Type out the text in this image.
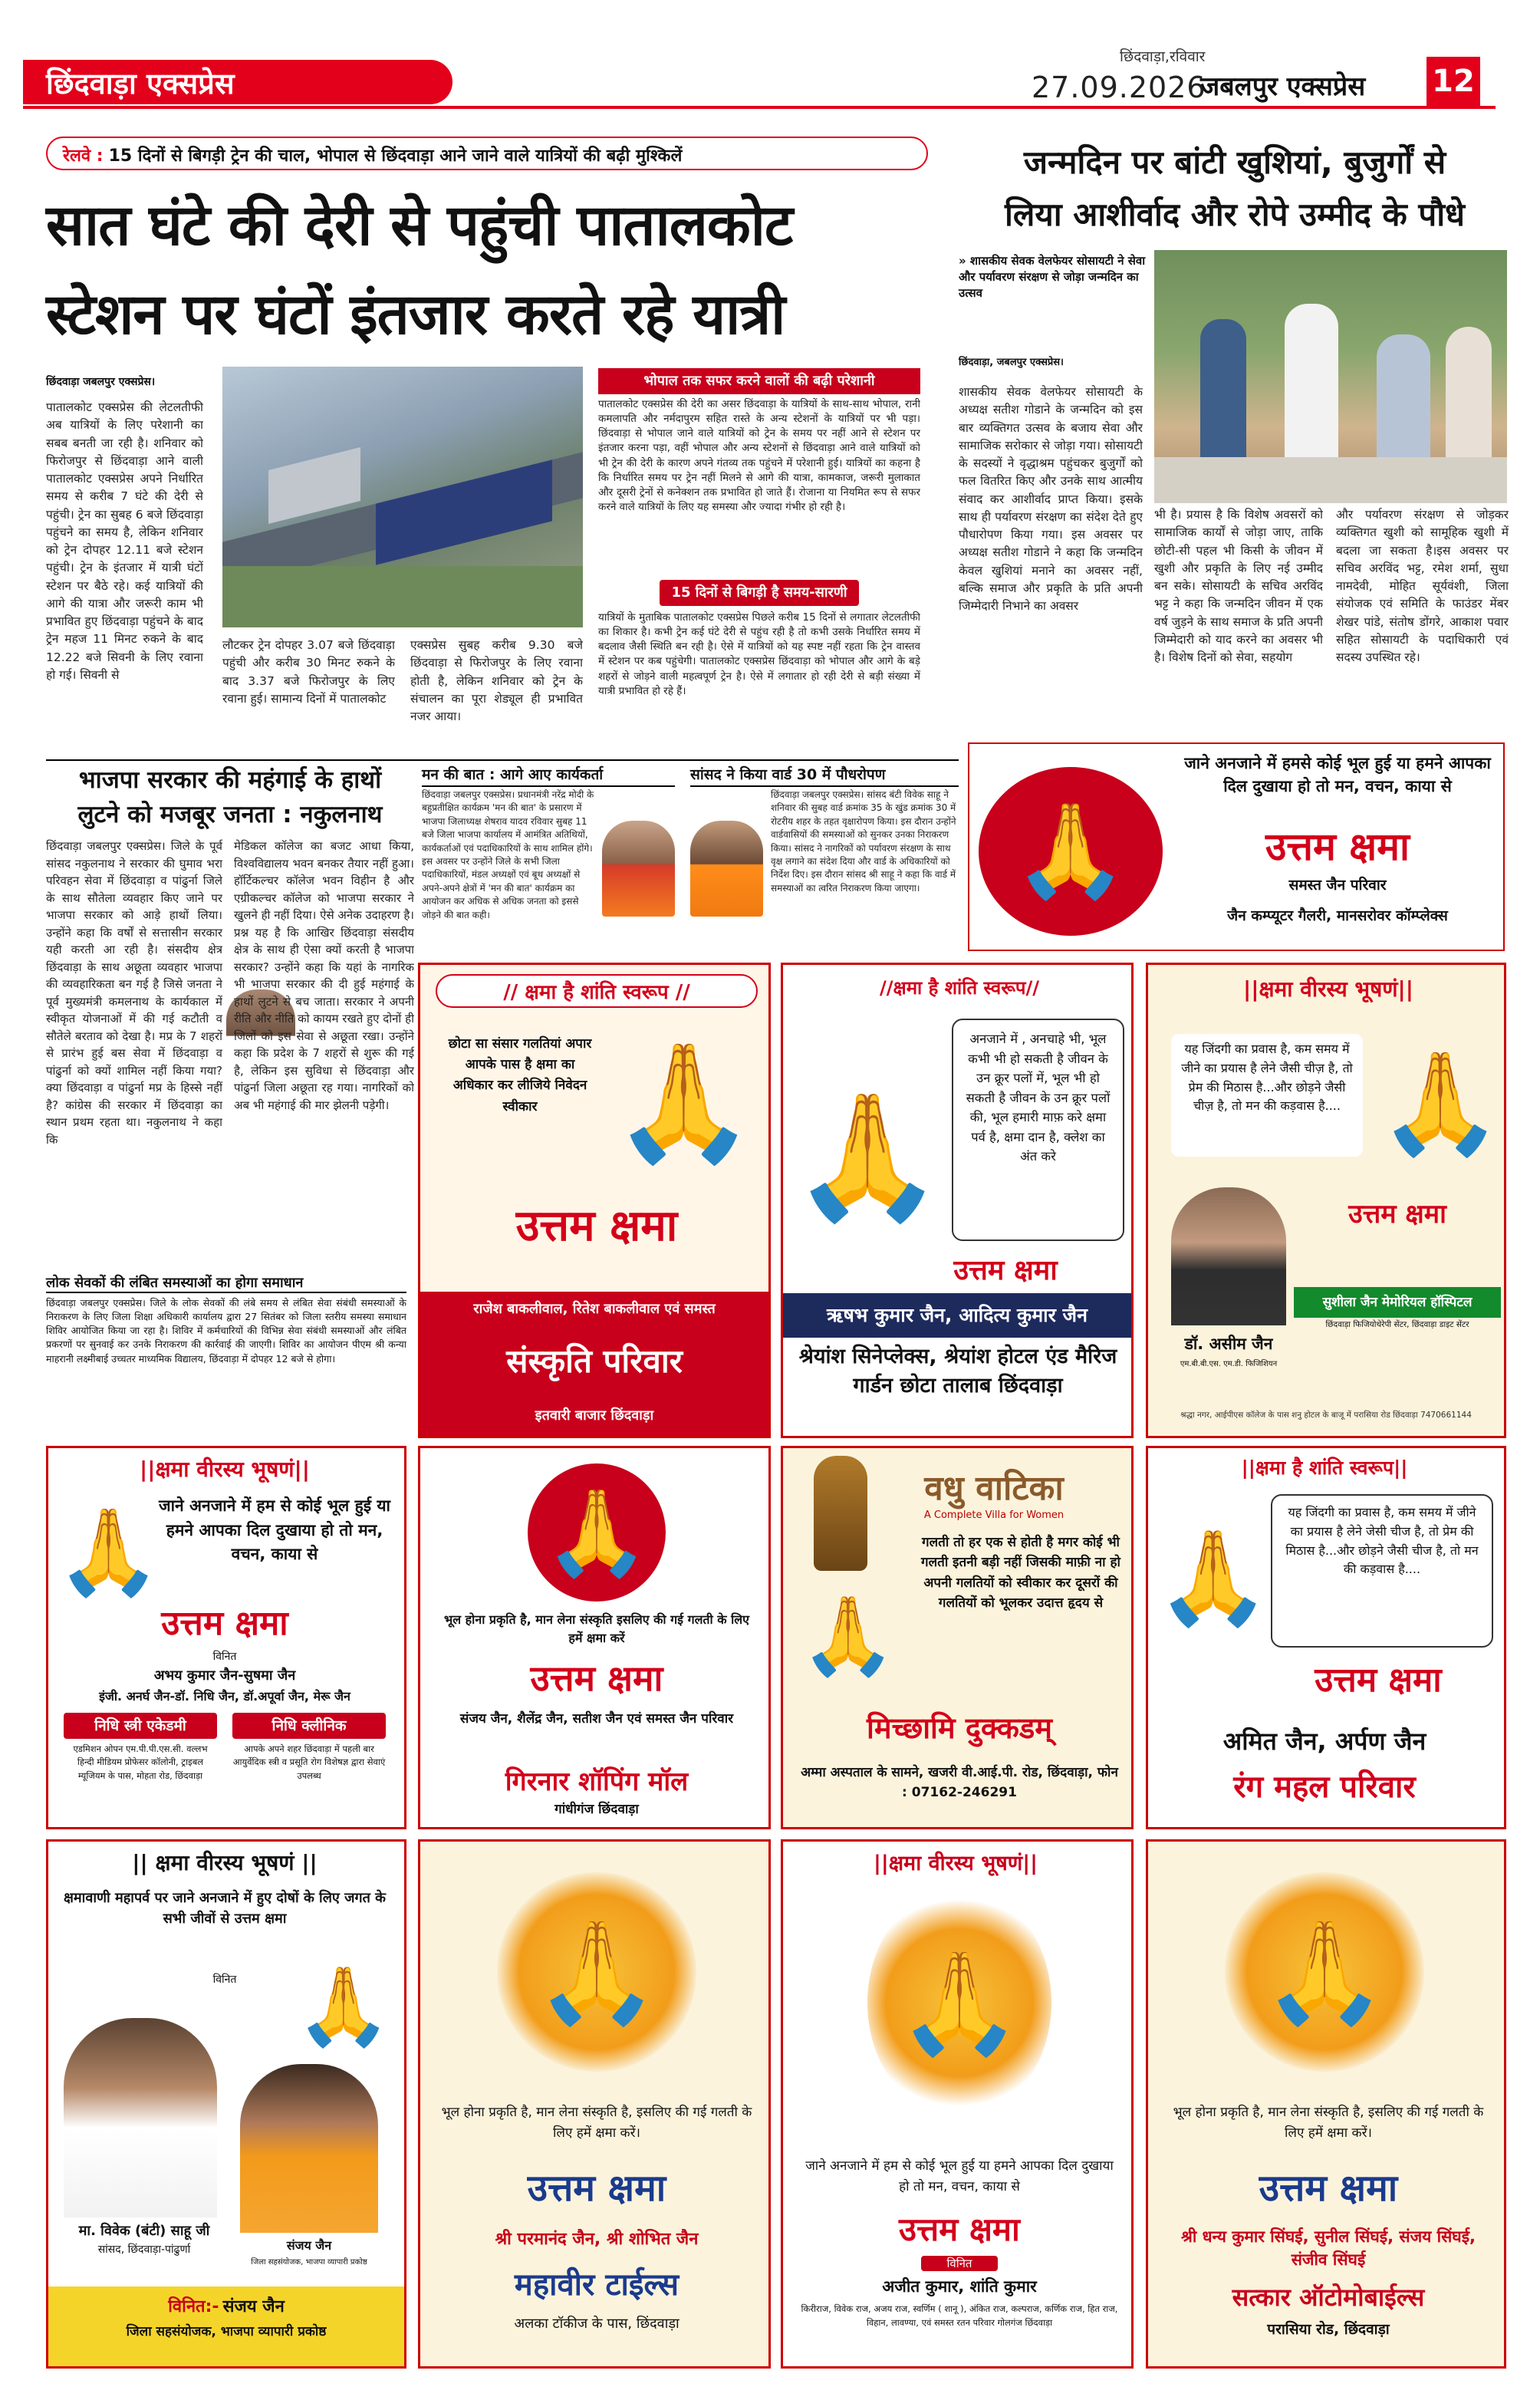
छिंदवाड़ा एक्सप्रेस
छिंदवाड़ा,रविवार
27.09.2026
जबलपुर एक्सप्रेस 12
रेलवे : 15 दिनों से बिगड़ी ट्रेन की चाल, भोपाल से छिंदवाड़ा आने जाने वाले यात्रियों की बढ़ी मुश्किलें
सात घंटे की देरी से पहुंची पातालकोट
स्टेशन पर घंटों इंतजार करते रहे यात्री
छिंदवाड़ा जबलपुर एक्सप्रेस।
पातालकोट एक्सप्रेस की लेटलतीफी अब यात्रियों के लिए परेशानी का सबब बनती जा रही है। शनिवार को फिरोजपुर से छिंदवाड़ा आने वाली पातालकोट एक्सप्रेस अपने निर्धारित समय से करीब 7 घंटे की देरी से पहुंची। ट्रेन का सुबह 6 बजे छिंदवाड़ा पहुंचने का समय है, लेकिन शनिवार को ट्रेन दोपहर 12.11 बजे स्टेशन पहुंची। ट्रेन के इंतजार में यात्री घंटों स्टेशन पर बैठे रहे। कई यात्रियों की आगे की यात्रा और जरूरी काम भी प्रभावित हुए छिंदवाड़ा पहुंचने के बाद ट्रेन महज 11 मिनट रुकने के बाद 12.22 बजे सिवनी के लिए रवाना हो गई। सिवनी से
लौटकर ट्रेन दोपहर 3.07 बजे छिंदवाड़ा पहुंची और करीब 30 मिनट रुकने के बाद 3.37 बजे फिरोजपुर के लिए रवाना हुई। सामान्य दिनों में पातालकोट
एक्सप्रेस सुबह करीब 9.30 बजे छिंदवाड़ा से फिरोजपुर के लिए रवाना होती है, लेकिन शनिवार को ट्रेन के संचालन का पूरा शेड्यूल ही प्रभावित नजर आया।
भोपाल तक सफर करने वालों की बढ़ी परेशानी
पातालकोट एक्सप्रेस की देरी का असर छिंदवाड़ा के यात्रियों के साथ-साथ भोपाल, रानी कमलापति और नर्मदापुरम सहित रास्ते के अन्य स्टेशनों के यात्रियों पर भी पड़ा। छिंदवाड़ा से भोपाल जाने वाले यात्रियों को ट्रेन के समय पर नहीं आने से स्टेशन पर इंतजार करना पड़ा, वहीं भोपाल और अन्य स्टेशनों से छिंदवाड़ा आने वाले यात्रियों को भी ट्रेन की देरी के कारण अपने गंतव्य तक पहुंचने में परेशानी हुई। यात्रियों का कहना है कि निर्धारित समय पर ट्रेन नहीं मिलने से आगे की यात्रा, कामकाज, जरूरी मुलाकात और दूसरी ट्रेनों से कनेक्शन तक प्रभावित हो जाते हैं। रोजाना या नियमित रूप से सफर करने वाले यात्रियों के लिए यह समस्या और ज्यादा गंभीर हो रही है।
15 दिनों से बिगड़ी है समय-सारणी
यात्रियों के मुताबिक पातालकोट एक्सप्रेस पिछले करीब 15 दिनों से लगातार लेटलतीफी का शिकार है। कभी ट्रेन कई घंटे देरी से पहुंच रही है तो कभी उसके निर्धारित समय में बदलाव जैसी स्थिति बन रही है। ऐसे में यात्रियों को यह स्पष्ट नहीं रहता कि ट्रेन वास्तव में स्टेशन पर कब पहुंचेगी। पातालकोट एक्सप्रेस छिंदवाड़ा को भोपाल और आगे के बड़े शहरों से जोड़ने वाली महत्वपूर्ण ट्रेन है। ऐसे में लगातार हो रही देरी से बड़ी संख्या में यात्री प्रभावित हो रहे हैं।
जन्मदिन पर बांटी खुशियां, बुजुर्गों से
लिया आशीर्वाद और रोपे उम्मीद के पौधे
» शासकीय सेवक वेलफेयर सोसायटी ने सेवा और पर्यावरण संरक्षण से जोड़ा जन्मदिन का उत्सव
छिंदवाड़ा, जबलपुर एक्सप्रेस।
शासकीय सेवक वेलफेयर सोसायटी के अध्यक्ष सतीश गोडाने के जन्मदिन को इस बार व्यक्तिगत उत्सव के बजाय सेवा और सामाजिक सरोकार से जोड़ा गया। सोसायटी के सदस्यों ने वृद्धाश्रम पहुंचकर बुजुर्गों को फल वितरित किए और उनके साथ आत्मीय संवाद कर आशीर्वाद प्राप्त किया। इसके साथ ही पर्यावरण संरक्षण का संदेश देते हुए पौधारोपण किया गया। इस अवसर पर अध्यक्ष सतीश गोडाने ने कहा कि जन्मदिन केवल खुशियां मनाने का अवसर नहीं, बल्कि समाज और प्रकृति के प्रति अपनी जिम्मेदारी निभाने का अवसर
भी है। प्रयास है कि विशेष अवसरों को सामाजिक कार्यों से जोड़ा जाए, ताकि छोटी-सी पहल भी किसी के जीवन में खुशी और प्रकृति के लिए नई उम्मीद बन सके। सोसायटी के सचिव अरविंद भट्ट ने कहा कि जन्मदिन जीवन में एक वर्ष जुड़ने के साथ समाज के प्रति अपनी जिम्मेदारी को याद करने का अवसर भी है। विशेष दिनों को सेवा, सहयोग
और पर्यावरण संरक्षण से जोड़कर व्यक्तिगत खुशी को सामूहिक खुशी में बदला जा सकता है।इस अवसर पर सचिव अरविंद भट्ट, रमेश शर्मा, सुधा नामदेवी, मोहित सूर्यवंशी, जिला संयोजक एवं समिति के फाउंडर मेंबर शेखर पांडे, संतोष डोंगरे, आकाश पवार सहित सोसायटी के पदाधिकारी एवं सदस्य उपस्थित रहे।
भाजपा सरकार की महंगाई के हाथों
लुटने को मजबूर जनता : नकुलनाथ
छिंदवाड़ा जबलपुर एक्सप्रेस। जिले के पूर्व सांसद नकुलनाथ ने सरकार की घुमाव भरा परिवहन सेवा में छिंदवाड़ा व पांढुर्ना जिले के साथ सौतेला व्यवहार किए जाने पर भाजपा सरकार को आड़े हाथों लिया। उन्होंने कहा कि वर्षों से सत्तासीन सरकार यही करती आ रही है। संसदीय क्षेत्र छिंदवाड़ा के साथ अछूता व्यवहार भाजपा की व्यवहारिकता बन गई है जिसे जनता ने पूर्व मुख्यमंत्री कमलनाथ के कार्यकाल में स्वीकृत योजनाओं में की गई कटौती व सौतेले बरताव को देखा है। मप्र के 7 शहरों से प्रारंभ हुई बस सेवा में छिंदवाड़ा व पांढुर्ना को क्यों शामिल नहीं किया गया? क्या छिंदवाड़ा व पांढुर्ना मप्र के हिस्से नहीं है? कांग्रेस की सरकार में छिंदवाड़ा का स्थान प्रथम रहता था। नकुलनाथ ने कहा कि
मेडिकल कॉलेज का बजट आधा किया, विश्वविद्यालय भवन बनकर तैयार नहीं हुआ। हॉर्टिकल्चर कॉलेज भवन विहीन है और एग्रीकल्चर कॉलेज को भाजपा सरकार ने खुलने ही नहीं दिया। ऐसे अनेक उदाहरण है। प्रश्न यह है कि आखिर छिंदवाड़ा संसदीय क्षेत्र के साथ ही ऐसा क्यों करती है भाजपा सरकार? उन्होंने कहा कि यहां के नागरिक भी भाजपा सरकार की दी हुई महंगाई के हाथों लुटने से बच जाता। सरकार ने अपनी रीति और नीति को कायम रखते हुए दोनों ही जिलों को इस सेवा से अछूता रखा। उन्होंने कहा कि प्रदेश के 7 शहरों से शुरू की गई है, लेकिन इस सुविधा से छिंदवाड़ा और पांढुर्ना जिला अछूता रह गया। नागरिकों को अब भी महंगाई की मार झेलनी पड़ेगी।
मन की बात : आगे आए कार्यकर्ता
छिंदवाड़ा जबलपुर एक्सप्रेस। प्रधानमंत्री नरेंद्र मोदी के बहुप्रतीक्षित कार्यक्रम 'मन की बात' के प्रसारण में भाजपा जिलाध्यक्ष शेषराव यादव रविवार सुबह 11 बजे जिला भाजपा कार्यालय में आमंत्रित अतिथियों, कार्यकर्ताओं एवं पदाधिकारियों के साथ शामिल होंगे। इस अवसर पर उन्होंने जिले के सभी जिला पदाधिकारियों, मंडल अध्यक्षों एवं बूथ अध्यक्षों से अपने-अपने क्षेत्रों में 'मन की बात' कार्यक्रम का आयोजन कर अधिक से अधिक जनता को इससे जोड़ने की बात कही।
सांसद ने किया वार्ड 30 में पौधरोपण
छिंदवाड़ा जबलपुर एक्सप्रेस। सांसद बंटी विवेक साहू ने शनिवार की सुबह वार्ड क्रमांक 35 के खुंड क्रमांक 30 में रोटरीय शहर के तहत वृक्षारोपण किया। इस दौरान उन्होंने वार्डवासियों की समस्याओं को सुनकर उनका निराकरण किया। सांसद ने नागरिकों को पर्यावरण संरक्षण के साथ वृक्ष लगाने का संदेश दिया और वार्ड के अधिकारियों को निर्देश दिए। इस दौरान सांसद श्री साहू ने कहा कि वार्ड में समस्याओं का त्वरित निराकरण किया जाएगा।	🙏
जाने अनजाने में हमसे कोई भूल हुई या हमने आपका दिल दुखाया हो तो मन, वचन, काया से
उत्तम क्षमा
समस्त जैन परिवार
जैन कम्प्यूटर गैलरी, मानसरोवर कॉम्प्लेक्स
लोक सेवकों की लंबित समस्याओं का होगा समाधान
छिंदवाड़ा जबलपुर एक्सप्रेस। जिले के लोक सेवकों की लंबे समय से लंबित सेवा संबंधी समस्याओं के निराकरण के लिए जिला शिक्षा अधिकारी कार्यालय द्वारा 27 सितंबर को जिला स्तरीय समस्या समाधान शिविर आयोजित किया जा रहा है। शिविर में कर्मचारियों की विभिन्न सेवा संबंधी समस्याओं और लंबित प्रकरणों पर सुनवाई कर उनके निराकरण की कार्रवाई की जाएगी। शिविर का आयोजन पीएम श्री कन्या माहरानी लक्ष्मीबाई उच्चतर माध्यमिक विद्यालय, छिंदवाड़ा में दोपहर 12 बजे से होगा।
// क्षमा है शांति स्वरूप //
छोटा सा संसार गलतियां अपार आपके पास है क्षमा का अधिकार कर लीजिये निवेदन स्वीकार 🙏
उत्तम क्षमा
राजेश बाकलीवाल, रितेश बाकलीवाल एवं समस्त
संस्कृति परिवार
इतवारी बाजार छिंदवाड़ा
//क्षमा है शांति स्वरूप//
🙏
अनजाने में , अनचाहे भी, भूल कभी भी हो सकती है जीवन के उन क्रूर पलों में, भूल भी हो सकती है जीवन के उन क्रूर पलों की, भूल हमारी माफ़ करे क्षमा पर्व है, क्षमा दान है, क्लेश का अंत करे
उत्तम क्षमा
ऋषभ कुमार जैन, आदित्य कुमार जैन
श्रेयांश सिनेप्लेक्स, श्रेयांश होटल एंड मैरिज गार्डन छोटा तालाब छिंदवाड़ा
||क्षमा वीरस्य भूषणं||
यह जिंदगी का प्रवास है, कम समय में जीने का प्रयास है लेने जैसी चीज़ है, तो प्रेम की मिठास है...और छोड़ने जैसी चीज़ है, तो मन की कड़वास है.... 🙏
उत्तम क्षमा
सुशीला जैन मेमोरियल हॉस्पिटल
छिंदवाड़ा फिजियोथेरेपी सेंटर, छिंदवाड़ा डाइट सेंटर
डॉ. असीम जैन
एम.बी.बी.एस. एम.डी. फिजिशियन
श्रद्धा नगर, आईपीएस कॉलेज के पास शनु होटल के बाजू में परासिया रोड छिंदवाड़ा 7470661144
||क्षमा वीरस्य भूषणं||
🙏
जाने अनजाने में हम से कोई भूल हुई या हमने आपका दिल दुखाया हो तो मन, वचन, काया से
उत्तम क्षमा
विनित
अभय कुमार जैन-सुषमा जैन
इंजी. अनर्घ जैन-डॉ. निधि जैन, डॉ.अपूर्वा जैन, मेरू जैन
निधि स्त्री एकेडमी
एडमिशन ओपन एम.पी.पी.एस.सी. वल्लभ हिन्दी मीडियम प्रोफेसर कॉलोनी, ट्राइबल म्यूजियम के पास, मोहता रोड, छिंदवाड़ा
निधि क्लीनिक
आपके अपने शहर छिंदवाड़ा में पहली बार आयुर्वेदिक स्त्री व प्रसूति रोग विशेषज्ञ द्वारा सेवाएं उपलब्ध
🙏
भूल होना प्रकृति है, मान लेना संस्कृति इसलिए की गई गलती के लिए हमें क्षमा करें
उत्तम क्षमा
संजय जैन, शैलेंद्र जैन, सतीश जैन एवं समस्त जैन परिवार
गिरनार शॉपिंग मॉल
गांधीगंज छिंदवाड़ा
वधु वाटिका
A Complete Villa for Women
🙏
गलती तो हर एक से होती है मगर कोई भी गलती इतनी बड़ी नहीं जिसकी माफ़ी ना हो अपनी गलतियों को स्वीकार कर दूसरों की गलतियों को भूलकर उदात्त हृदय से
मिच्छामि दुक्कडम्
अम्मा अस्पताल के सामने, खजरी वी.आई.पी. रोड, छिंदवाड़ा, फोन : 07162-246291
||क्षमा है शांति स्वरूप||
🙏
यह जिंदगी का प्रवास है, कम समय में जीने का प्रयास है लेने जेसी चीज है, तो प्रेम की मिठास है...और छोड़ने जैसी चीज है, तो मन की कड़वास है....
उत्तम क्षमा
अमित जैन, अर्पण जैन
रंग महल परिवार
|| क्षमा वीरस्य भूषणं ||
क्षमावाणी महापर्व पर जाने अनजाने में हुए दोषों के लिए जगत के सभी जीवों से उत्तम क्षमा
🙏
विनित
मा. विवेक (बंटी) साहू जी
सांसद, छिंदवाड़ा-पांढुर्णा	संजय जैन
जिला सहसंयोजक, भाजपा व्यापारी प्रकोष्ठ
विनित:- संजय जैन
जिला सहसंयोजक, भाजपा व्यापारी प्रकोष्ठ
🙏
भूल होना प्रकृति है, मान लेना संस्कृति है, इसलिए की गई गलती के लिए हमें क्षमा करें।
उत्तम क्षमा
श्री परमानंद जैन, श्री शोभित जैन
महावीर टाईल्स
अलका टॉकीज के पास, छिंदवाड़ा
||क्षमा वीरस्य भूषणं||
🙏
जाने अनजाने में हम से कोई भूल हुई या हमने आपका दिल दुखाया हो तो मन, वचन, काया से
उत्तम क्षमा
विनित
अजीत कुमार, शांति कुमार
किरीराज, विवेक राज, अजय राज, स्वर्णिम ( शानू ), अंकित राज, कल्पराज, कर्णिक राज, हित राज, विहान, लावण्या, एवं समस्त रतन परिवार गोलगंज छिंदवाड़ा
🙏
भूल होना प्रकृति है, मान लेना संस्कृति है, इसलिए की गई गलती के लिए हमें क्षमा करें।
उत्तम क्षमा
श्री धन्य कुमार सिंघई, सुनील सिंघई, संजय सिंघई, संजीव सिंघई
सत्कार ऑटोमोबाईल्स
परासिया रोड, छिंदवाड़ा
